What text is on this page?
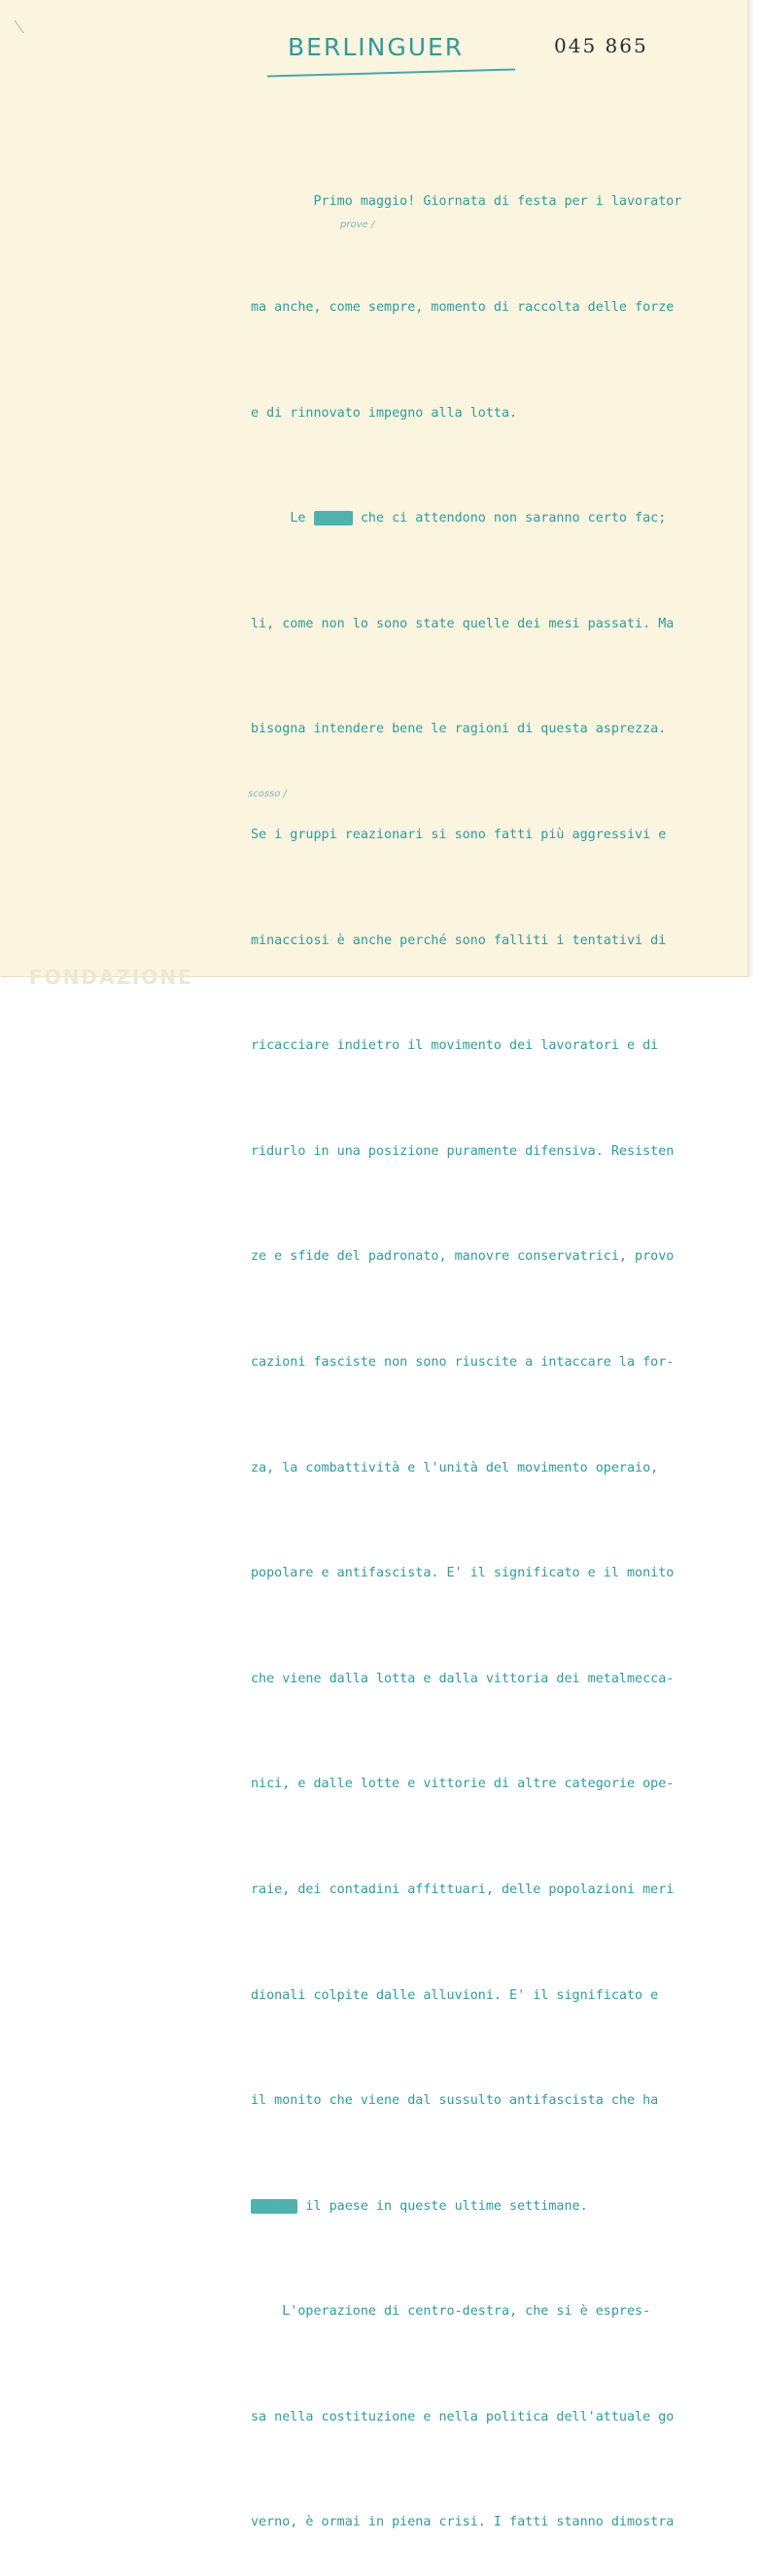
BERLINGUER	045 865
prove /
scosso /

Primo maggio! Giornata di festa per i lavorator

ma anche, come sempre, momento di raccolta delle forze

e di rinnovato impegno alla lotta.

Le lotte che ci attendono non saranno certo fac;

li, come non lo sono state quelle dei mesi passati. Ma

bisogna intendere bene le ragioni di questa asprezza.

Se i gruppi reazionari si sono fatti più aggressivi e

minacciosi è anche perché sono falliti i tentativi di

ricacciare indietro il movimento dei lavoratori e di

ridurlo in una posizione puramente difensiva. Resisten

ze e sfide del padronato, manovre conservatrici, provo

cazioni fasciste non sono riuscite a intaccare la for-

za, la combattività e l'unità del movimento operaio,

popolare e antifascista. E' il significato e il monito

che viene dalla lotta e dalla vittoria dei metalmecca-

nici, e dalle lotte e vittorie di altre categorie ope-

raie, dei contadini affittuari, delle popolazioni meri

dionali colpite dalle alluvioni. E' il significato e

il monito che viene dal sussulto antifascista che ha

scosso il paese in queste ultime settimane.

L'operazione di centro-destra, che si è espres-

sa nella costituzione e nella politica dell'attuale go

verno, è ormai in piena crisi. I fatti stanno dimostra

FONDAZIONE
